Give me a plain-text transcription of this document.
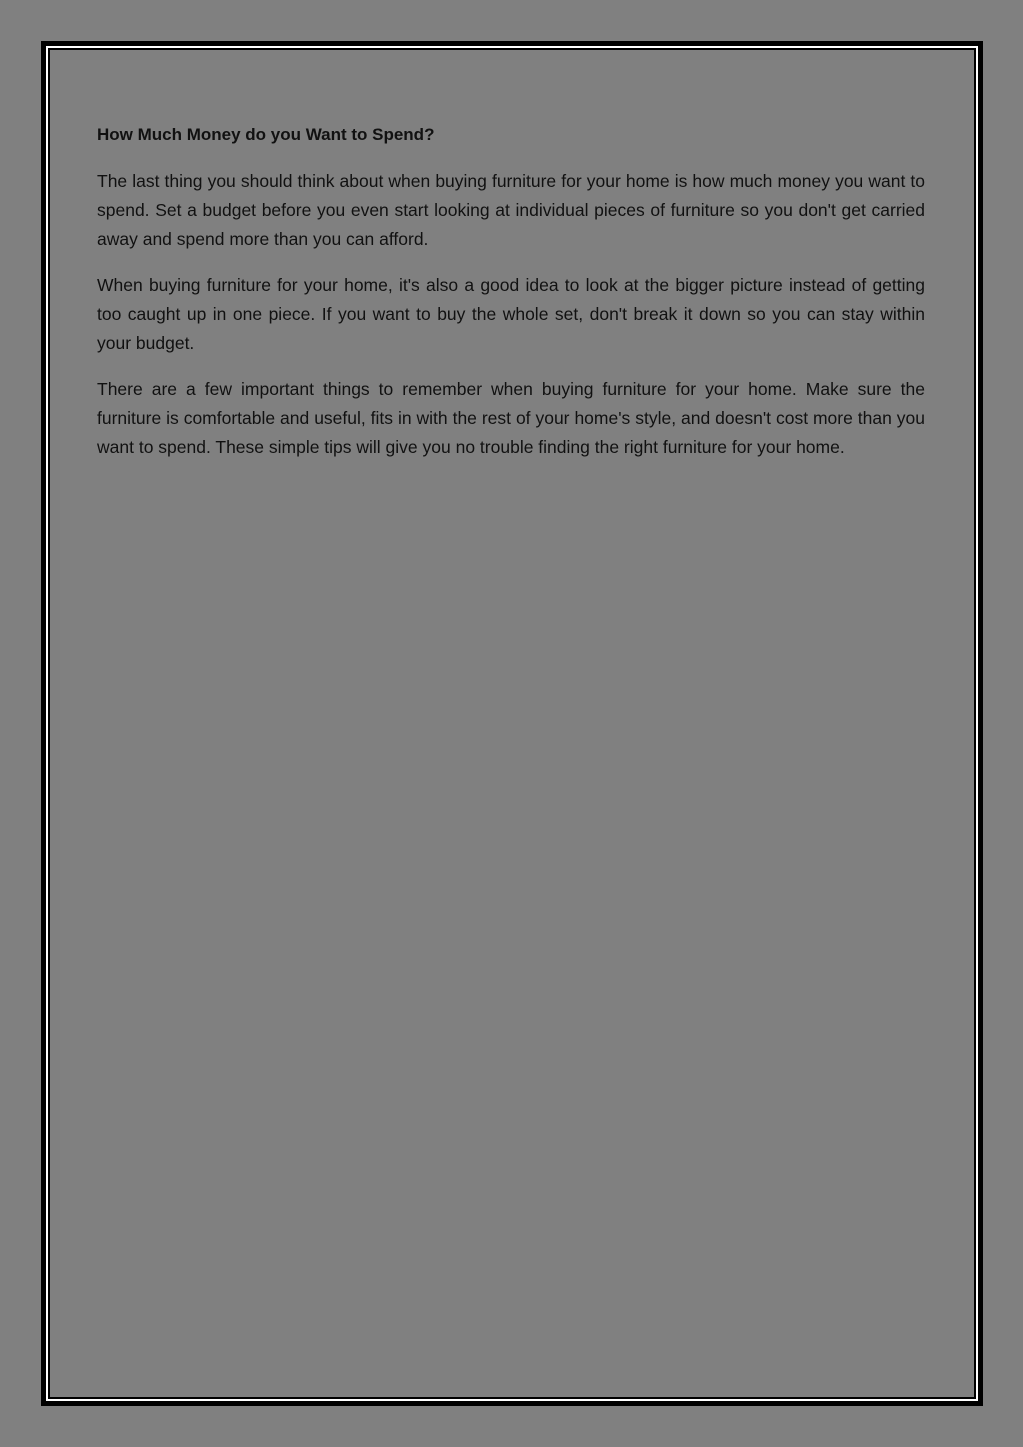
How Much Money do you Want to Spend?

The last thing you should think about when buying furniture for your home is how much money you want to spend. Set a budget before you even start looking at individual pieces of furniture so you don't get carried away and spend more than you can afford.

When buying furniture for your home, it's also a good idea to look at the bigger picture instead of getting too caught up in one piece. If you want to buy the whole set, don't break it down so you can stay within your budget.

There are a few important things to remember when buying furniture for your home. Make sure the furniture is comfortable and useful, fits in with the rest of your home's style, and doesn't cost more than you want to spend. These simple tips will give you no trouble finding the right furniture for your home.
